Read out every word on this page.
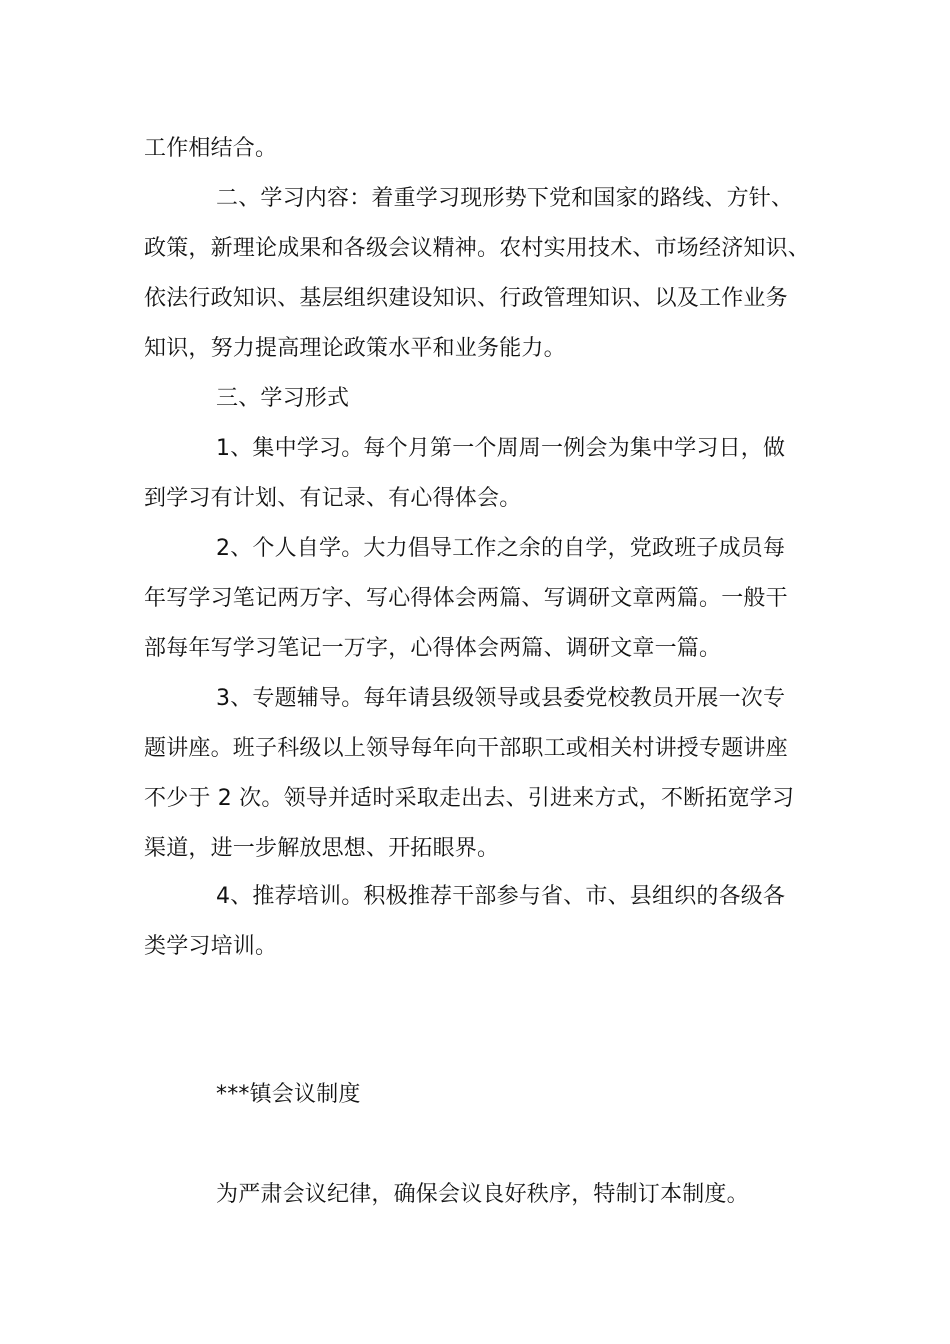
工作相结合。
二、学习内容：着重学习现形势下党和国家的路线、方针、
政策，新理论成果和各级会议精神。农村实用技术、市场经济知识、
依法行政知识、基层组织建设知识、行政管理知识、以及工作业务
知识，努力提高理论政策水平和业务能力。
三、学习形式
1、集中学习。每个月第一个周周一例会为集中学习日，做
到学习有计划、有记录、有心得体会。
2、个人自学。大力倡导工作之余的自学，党政班子成员每
年写学习笔记两万字、写心得体会两篇、写调研文章两篇。一般干
部每年写学习笔记一万字，心得体会两篇、调研文章一篇。
3、专题辅导。每年请县级领导或县委党校教员开展一次专
题讲座。班子科级以上领导每年向干部职工或相关村讲授专题讲座
不少于 2 次。领导并适时采取走出去、引进来方式，不断拓宽学习
渠道，进一步解放思想、开拓眼界。
4、推荐培训。积极推荐干部参与省、市、县组织的各级各
类学习培训。
***镇会议制度
为严肃会议纪律，确保会议良好秩序，特制订本制度。
